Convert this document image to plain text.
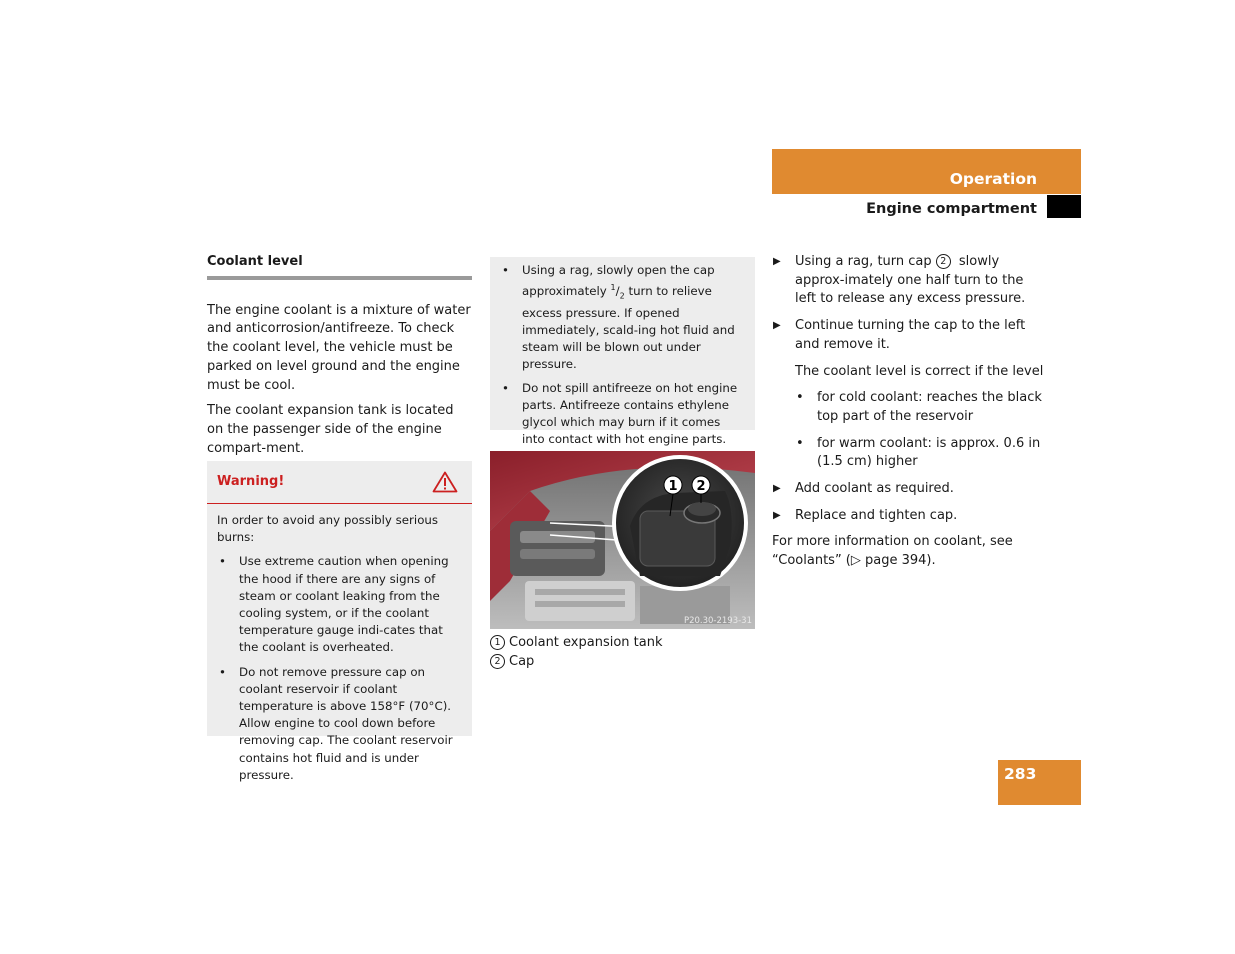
Operation
Engine compartment
Coolant level

The engine coolant is a mixture of water and anticorrosion/antifreeze. To check the coolant level, the vehicle must be parked on level ground and the engine must be cool.

The coolant expansion tank is located on the passenger side of the engine compart-ment.

Warning!
In order to avoid any possibly serious burns:
• Use extreme caution when opening the hood if there are any signs of steam or coolant leaking from the cooling system, or if the coolant temperature gauge indi-cates that the coolant is overheated.
• Do not remove pressure cap on coolant reservoir if coolant temperature is above 158°F (70°C). Allow engine to cool down before removing cap. The coolant reservoir contains hot fluid and is under pressure.
• Using a rag, slowly open the cap approximately $^1/_2$ turn to relieve excess pressure. If opened immediately, scald-ing hot fluid and steam will be blown out under pressure.
• Do not spill antifreeze on hot engine parts. Antifreeze contains ethylene glycol which may burn if it comes into contact with hot engine parts.
1 2
P20.30-2193-31
1 Coolant expansion tank
2 Cap
▶ Using a rag, turn cap 2 slowly approx-imately one half turn to the left to release any excess pressure.
▶ Continue turning the cap to the left and remove it.
The coolant level is correct if the level
• for cold coolant: reaches the black top part of the reservoir
• for warm coolant: is approx. 0.6 in (1.5 cm) higher
▶ Add coolant as required.
▶ Replace and tighten cap.

For more information on coolant, see “Coolants” (▷ page 394).

283
